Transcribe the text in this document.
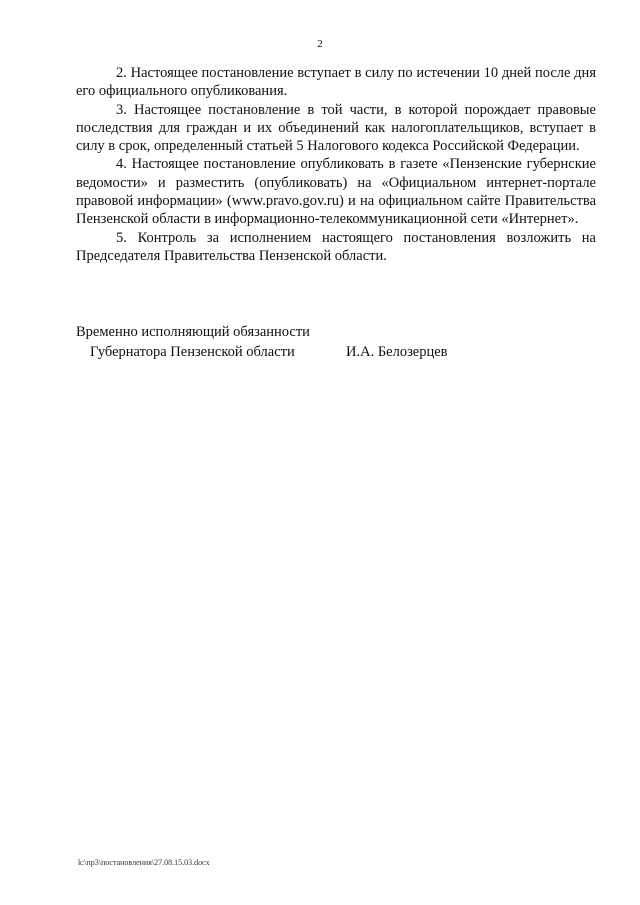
2

2. Настоящее постановление вступает в силу по истечении 10 дней после дня его официального опубликования.

3. Настоящее постановление в той части, в которой порождает правовые последствия для граждан и их объединений как налогоплательщиков, вступает в силу в срок, определенный статьей 5 Налогового кодекса Российской Федерации.

4. Настоящее постановление опубликовать в газете «Пензенские губернские ведомости» и разместить (опубликовать) на «Официальном интернет-портале правовой информации» (www.pravo.gov.ru) и на официальном сайте Правительства Пензенской области в информационно-телекоммуникационной сети «Интернет».

5. Контроль за исполнением настоящего постановления возложить на Председателя Правительства Пензенской области.

Временно исполняющий обязанности
Губернатора Пензенской области	И.А. Белозерцев
k:\пр3\постановления\27.08.15.03.docx
